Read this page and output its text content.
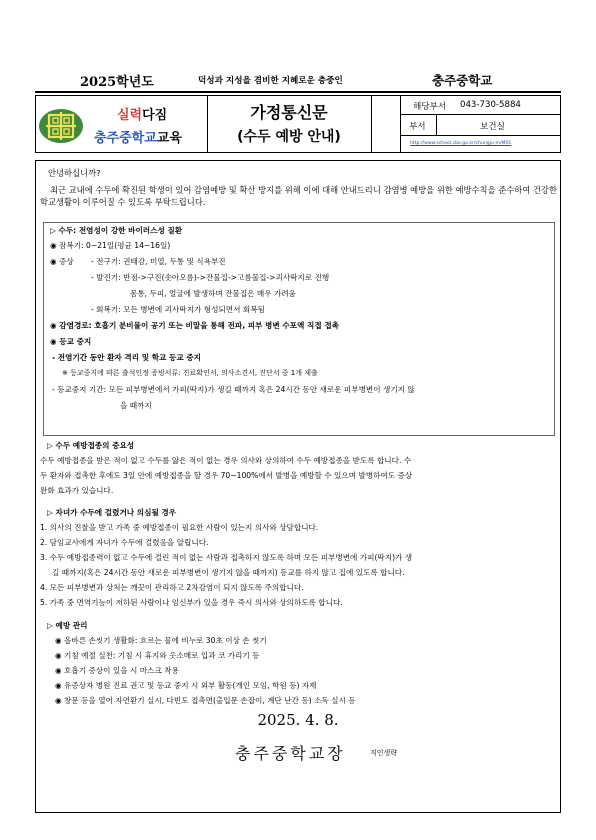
2025학년도	덕성과 지성을 겸비한 지혜로운 충중인	충주중학교
실력다짐
충주중학교교육
가정통신문
(수두 예방 안내)
해당부서 043-730-5884
부서	보건실
http://www.school.cbe.go.kr/chungju-m/M01
안녕하십니까?
최근 교내에 수두에 확진된 학생이 있어 감염예방 및 확산 방지를 위해 이에 대해 안내드리니 감염병 예방을 위한 예방수칙을 준수하여 건강한 학교생활이 이루어질 수 있도록 부탁드립니다.
▷ 수두: 전염성이 강한 바이러스성 질환
◉ 잠복기: 0~21일(평균 14~16일)
◉ 증상 - 전구기: 권태감, 미열, 두통 및 식욕부진
- 발진기: 반점->구진(솟아오름)->잔물집->고름물집->괴사딱지로 진행
몸통, 두피, 얼굴에 발생하며 잔물집은 매우 가려움
- 회복기: 모든 병변에 괴사딱지가 형성되면서 회복됨
◉ 감염경로: 호흡기 분비물이 공기 또는 비말을 통해 전파, 피부 병변 수포액 직접 접촉
◉ 등교 중지
- 전염기간 동안 환자 격리 및 학교 등교 중지
※ 등교중지에 따른 출석인정 증빙서류: 진료확인서, 의사소견서, 진단서 중 1개 제출
- 등교중지 기간: 모든 피부병변에서 가피(딱지)가 생길 때까지 혹은 24시간 동안 새로운 피부병변이 생기지 않
을 때까지
▷ 수두 예방접종의 중요성
수두 예방접종을 받은 적이 없고 수두를 앓은 적이 없는 경우 의사와 상의하여 수두 예방접종을 받도록 합니다. 수
두 환자와 접촉한 후에도 3일 안에 예방접종을 할 경우 70~100%에서 발병을 예방할 수 있으며 발병하여도 증상
완화 효과가 있습니다.
▷ 자녀가 수두에 걸렸거나 의심될 경우
1. 의사의 진찰을 받고 가족 중 예방접종이 필요한 사람이 있는지 의사와 상담합니다.
2. 담임교사에게 자녀가 수두에 걸렸음을 알립니다.
3. 수두 예방접종력이 없고 수두에 걸린 적이 없는 사람과 접촉하지 않도록 하며 모든 피부병변에 가피(딱지)가 생
길 때까지(혹은 24시간 동안 새로운 피부병변이 생기지 않을 때까지) 등교를 하지 않고 집에 있도록 합니다.
4. 모든 피부병변과 상처는 깨끗이 관리하고 2차감염이 되지 않도록 주의합니다.
5. 가족 중 면역기능이 저하된 사람이나 임신부가 있을 경우 즉시 의사와 상의하도록 합니다.
▷ 예방 관리
◉ 올바른 손씻기 생활화: 흐르는 물에 비누로 30초 이상 손 씻기
◉ 기침 예절 실천: 기침 시 휴지와 옷소매로 입과 코 가리기 등
◉ 호흡기 증상이 있을 시 마스크 착용
◉ 유증상자 병원 진료 권고 및 등교 중지 시 외부 활동(개인 모임, 학원 등) 자제
◉ 창문 등을 열어 자연환기 실시, 다빈도 접촉면(출입문 손잡이, 계단 난간 등) 소독 실시 등
2025. 4. 8.
충주중학교장	직인생략
